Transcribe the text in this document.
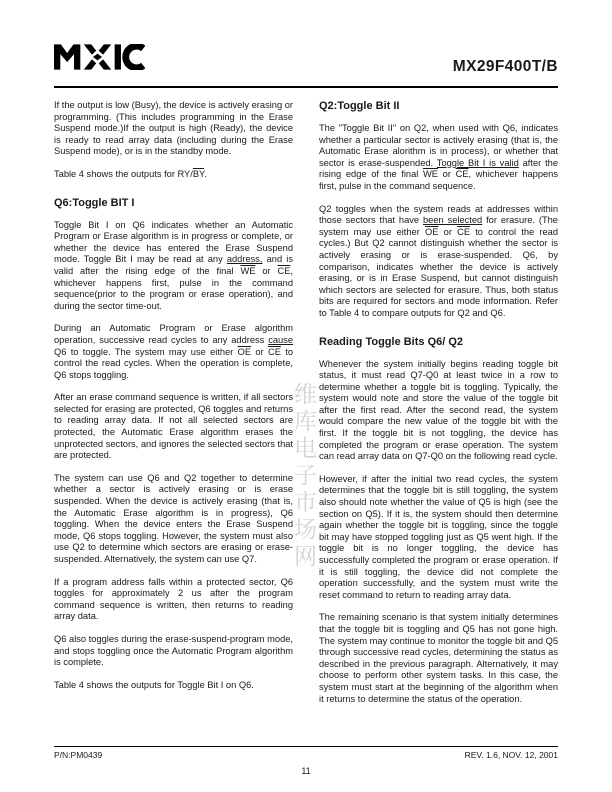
MX29F400T/B

If the output is low (Busy), the device is actively erasing or programming. (This includes programming in the Erase Suspend mode.)If the output is high (Ready), the device is ready to read array data (including during the Erase Suspend mode), or is in the standby mode.

Table 4 shows the outputs for $RY/\overline{BY}$.

Q6:Toggle BIT I

Toggle Bit I on Q6 indicates whether an Automatic Program or Erase algorithm is in progress or complete, or whether the device has entered the Erase Suspend mode. Toggle Bit I may be read at any address, and is valid after the rising edge of the final $\overline{WE}$ or $\overline{CE}$, whichever happens first, pulse in the command sequence(prior to the program or erase operation), and during the sector time-out.

During an Automatic Program or Erase algorithm operation, successive read cycles to any address cause Q6 to toggle. The system may use either $\overline{OE}$ or $\overline{CE}$ to control the read cycles. When the operation is complete, Q6 stops toggling.

After an erase command sequence is written, if all sectors selected for erasing are protected, Q6 toggles and returns to reading array data. If not all selected sectors are protected, the Automatic Erase algorithm erases the unprotected sectors, and ignores the selected sectors that are protected.

The system can use Q6 and Q2 together to determine whether a sector is actively erasing or is erase suspended. When the device is actively erasing (that is, the Automatic Erase algorithm is in progress), Q6 toggling. When the device enters the Erase Suspend mode, Q6 stops toggling. However, the system must also use Q2 to determine which sectors are erasing or erase-suspended. Alternatively, the system can use Q7.

If a program address falls within a protected sector, Q6 toggles for approximately 2 us after the program command sequence is written, then returns to reading array data.

Q6 also toggles during the erase-suspend-program mode, and stops toggling once the Automatic Program algorithm is complete.

Table 4 shows the outputs for Toggle Bit I on Q6.

Q2:Toggle Bit II

The "Toggle Bit II" on Q2, when used with Q6, indicates whether a particular sector is actively erasing (that is, the Automatic Erase alorithm is in process), or whether that sector is erase-suspended. Toggle Bit I is valid after the rising edge of the final $\overline{WE}$ or $\overline{CE}$, whichever happens first, pulse in the command sequence.

Q2 toggles when the system reads at addresses within those sectors that have been selected for erasure. (The system may use either $\overline{OE}$ or $\overline{CE}$ to control the read cycles.) But Q2 cannot distinguish whether the sector is actively erasing or is erase-suspended. Q6, by comparison, indicates whether the device is actively erasing, or is in Erase Suspend, but cannot distinguish which sectors are selected for erasure. Thus, both status bits are required for sectors and mode information. Refer to Table 4 to compare outputs for Q2 and Q6.

Reading Toggle Bits Q6/ Q2

Whenever the system initially begins reading toggle bit status, it must read Q7-Q0 at least twice in a row to determine whether a toggle bit is toggling. Typically, the system would note and store the value of the toggle bit after the first read. After the second read, the system would compare the new value of the toggle bit with the first. If the toggle bit is not toggling, the device has completed the program or erase operation. The system can read array data on Q7-Q0 on the following read cycle.

However, if after the initial two read cycles, the system determines that the toggle bit is still toggling, the system also should note whether the value of Q5 is high (see the section on Q5). If it is, the system should then determine again whether the toggle bit is toggling, since the toggle bit may have stopped toggling just as Q5 went high. If the toggle bit is no longer toggling, the device has successfully completed the program or erase operation. If it is still toggling, the device did not complete the operation successfully, and the system must write the reset command to return to reading array data.

The remaining scenario is that system initially determines that the toggle bit is toggling and Q5 has not gone high. The system may continue to monitor the toggle bit and Q5 through successive read cycles, determining the status as described in the previous paragraph. Alternatively, it may choose to perform other system tasks. In this case, the system must start at the beginning of the algorithm when it returns to determine the status of the operation.

维库电子市场网
P/N:PM0439	REV. 1.6, NOV. 12, 2001
11
